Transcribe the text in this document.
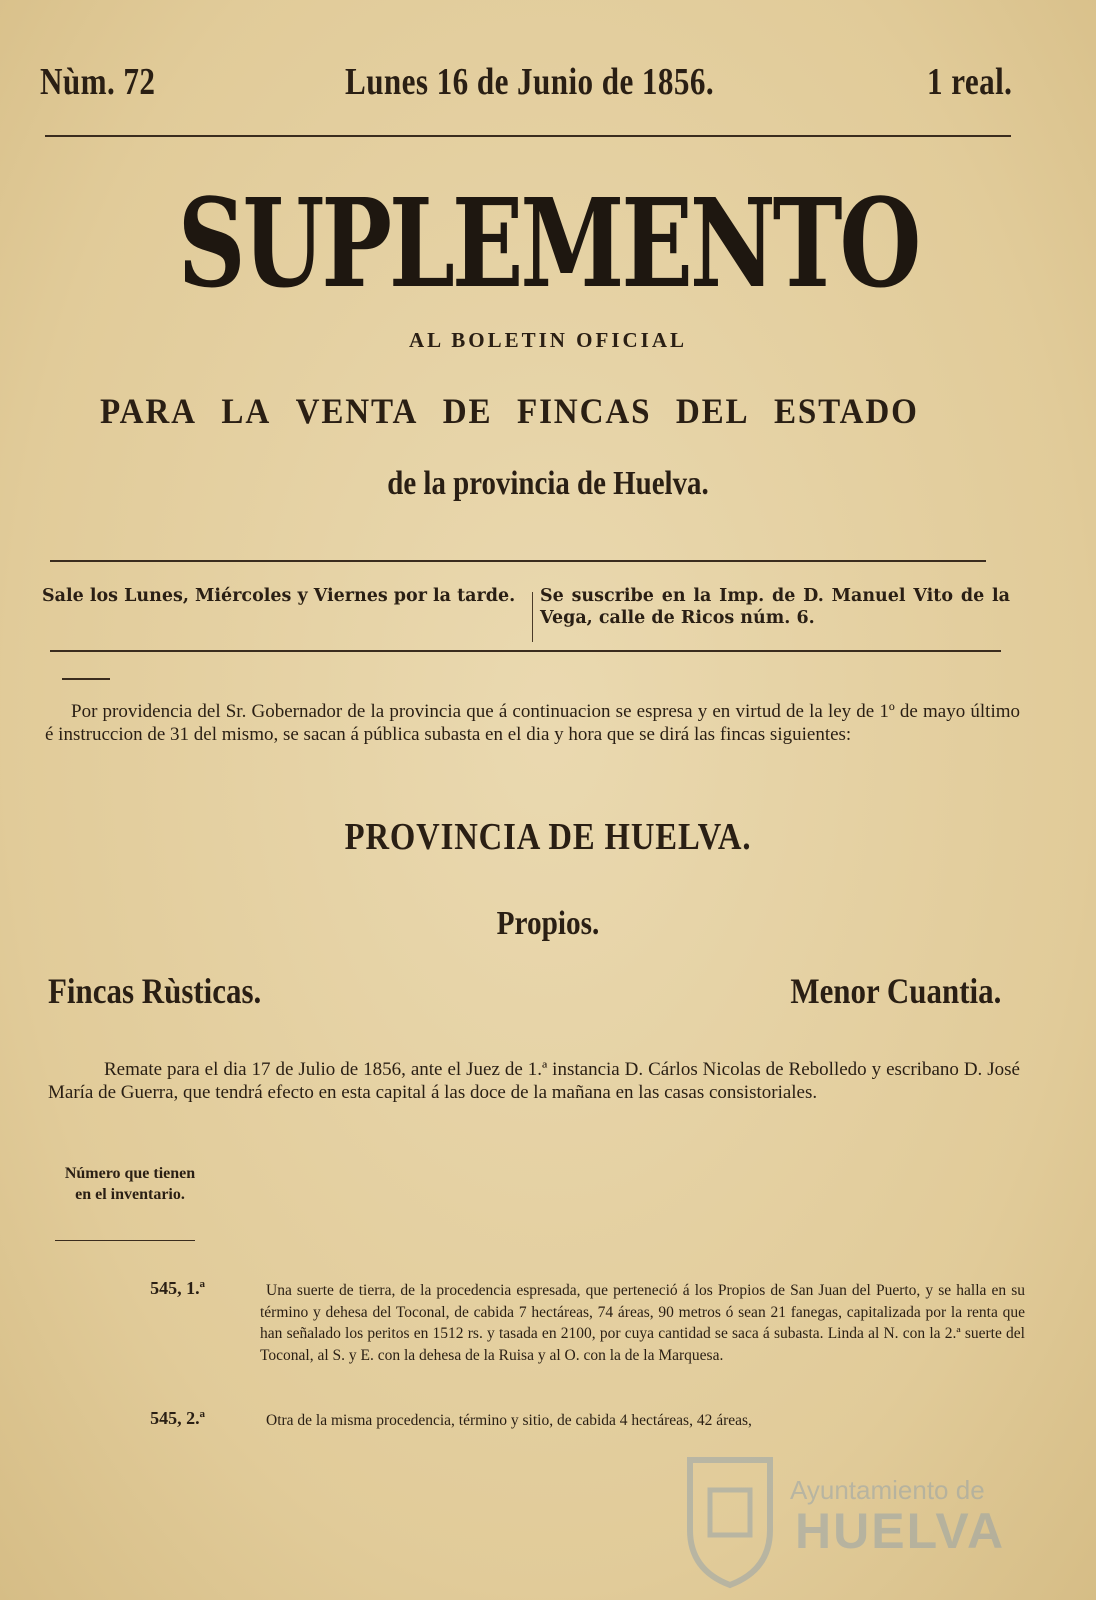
Nùm. 72	Lunes 16 de Junio de 1856.	1 real.
SUPLEMENTO
AL BOLETIN OFICIAL
PARA LA VENTA DE FINCAS DEL ESTADO
de la provincia de Huelva.
Sale los Lunes, Miércoles y Viernes por la tarde.	Se suscribe en la Imp. de D. Manuel Vito de la Vega, calle de Ricos núm. 6.
Por providencia del Sr. Gobernador de la provincia que á continuacion se espresa y en virtud de la ley de 1º de mayo último é instruccion de 31 del mismo, se sacan á pública subasta en el dia y hora que se dirá las fincas siguientes:
PROVINCIA DE HUELVA.
Propios.
Fincas Rùsticas.	Menor Cuantia.
Remate para el dia 17 de Julio de 1856, ante el Juez de 1.ª instancia D. Cárlos Nicolas de Rebolledo y escribano D. José María de Guerra, que tendrá efecto en esta capital á las doce de la mañana en las casas consistoriales.
Número que tienen en el inventario.
545, 1.ª	Una suerte de tierra, de la procedencia espresada, que perteneció á los Propios de San Juan del Puerto, y se halla en su término y dehesa del Toconal, de cabida 7 hectáreas, 74 áreas, 90 metros ó sean 21 fanegas, capitalizada por la renta que han señalado los peritos en 1512 rs. y tasada en 2100, por cuya cantidad se saca á subasta. Linda al N. con la 2.ª suerte del Toconal, al S. y E. con la dehesa de la Ruisa y al O. con la de la Marquesa.
545, 2.ª	Otra de la misma procedencia, término y sitio, de cabida 4 hectáreas, 42 áreas,
Ayuntamiento de
HUELVA
